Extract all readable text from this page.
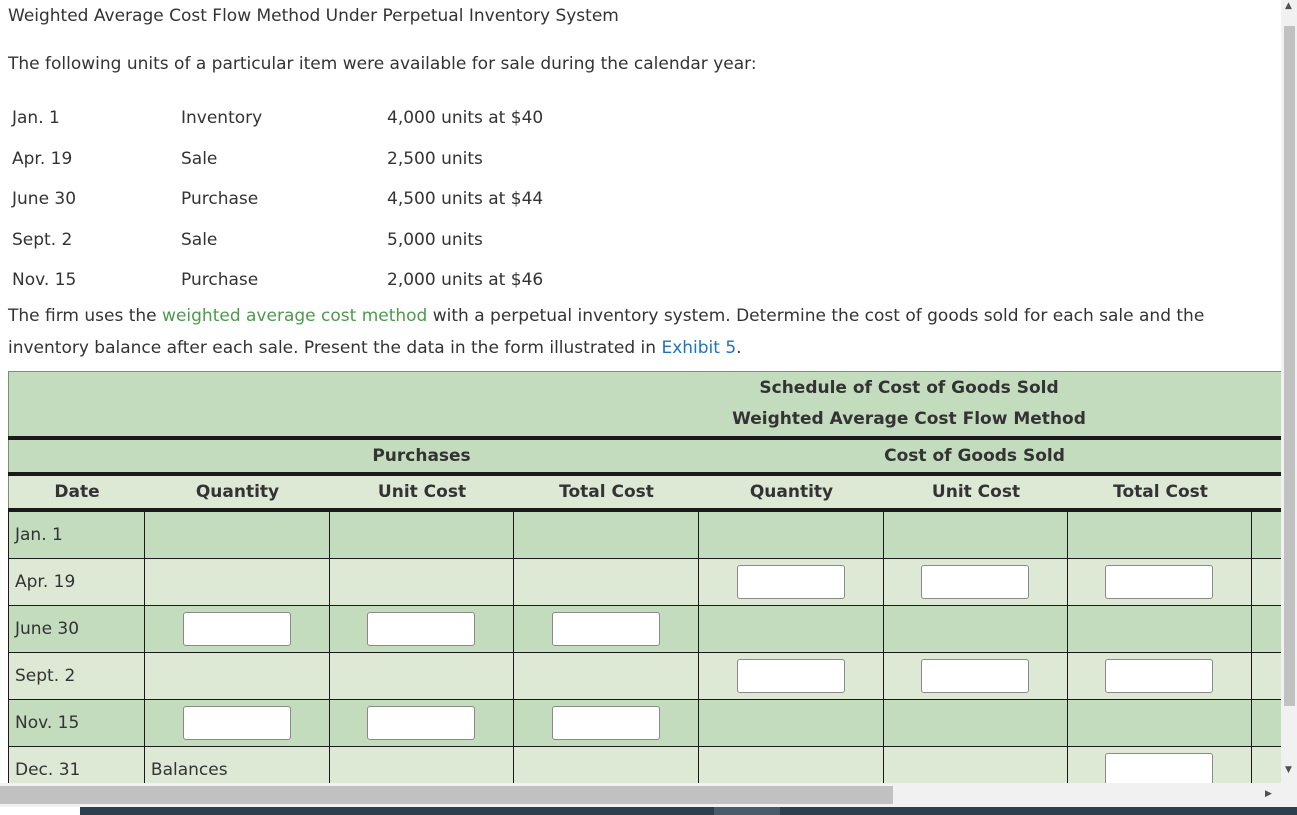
Weighted Average Cost Flow Method Under Perpetual Inventory System
The following units of a particular item were available for sale during the calendar year:
Jan. 1	Inventory	4,000 units at $40
Apr. 19	Sale	2,500 units
June 30	Purchase	4,500 units at $44
Sept. 2	Sale	5,000 units
Nov. 15	Purchase	2,000 units at $46
The firm uses the weighted average cost method with a perpetual inventory system. Determine the cost of goods sold for each sale and the inventory balance after each sale. Present the data in the form illustrated in Exhibit 5.
Schedule of Cost of Goods Sold
Weighted Average Cost Flow Method
Purchases	Cost of Goods Sold
Date	Quantity	Unit Cost	Total Cost	Quantity	Unit Cost	Total Cost
Jan. 1							
Apr. 19				

June 30	

Sept. 2				

Nov. 15	

Dec. 31	Balances					

▲
▼
▶
